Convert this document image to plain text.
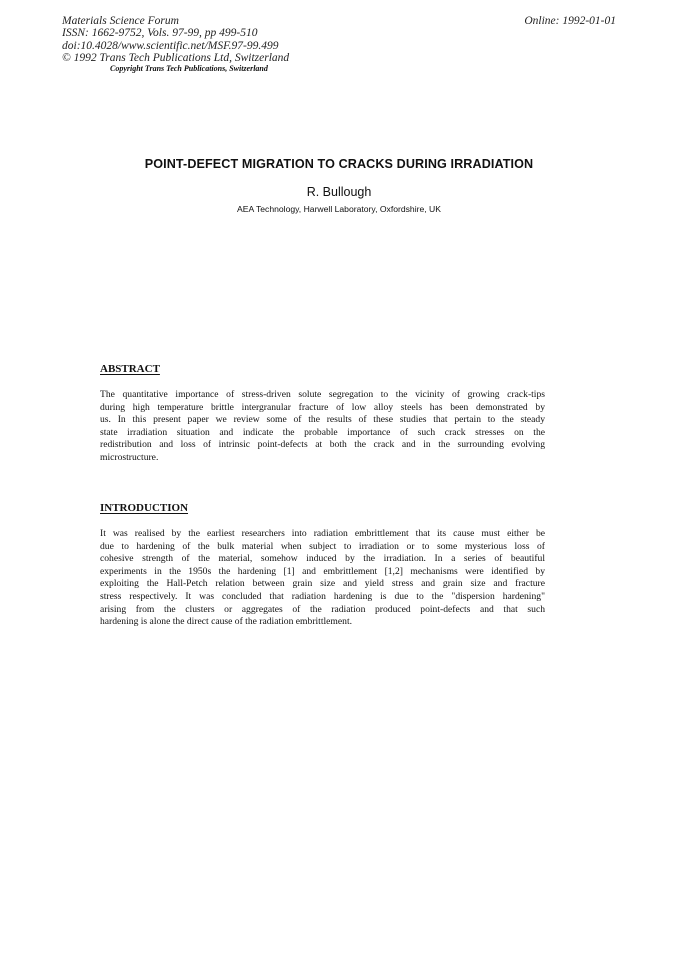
Materials Science Forum
ISSN: 1662-9752, Vols. 97-99, pp 499-510
doi:10.4028/www.scientific.net/MSF.97-99.499
© 1992 Trans Tech Publications Ltd, Switzerland
Online: 1992-01-01
Copyright Trans Tech Publications, Switzerland
POINT-DEFECT MIGRATION TO CRACKS DURING IRRADIATION
R. Bullough
AEA Technology, Harwell Laboratory, Oxfordshire, UK
ABSTRACT
The quantitative importance of stress-driven solute segregation to the vicinity of growing crack-tips
during high temperature brittle intergranular fracture of low alloy steels has been demonstrated by
us. In this present paper we review some of the results of these studies that pertain to the steady
state irradiation situation and indicate the probable importance of such crack stresses on the
redistribution and loss of intrinsic point-defects at both the crack and in the surrounding evolving
microstructure.
INTRODUCTION
It was realised by the earliest researchers into radiation embrittlement that its cause must either be
due to hardening of the bulk material when subject to irradiation or to some mysterious loss of
cohesive strength of the material, somehow induced by the irradiation. In a series of beautiful
experiments in the 1950s the hardening [1] and embrittlement [1,2] mechanisms were identified by
exploiting the Hall-Petch relation between grain size and yield stress and grain size and fracture
stress respectively. It was concluded that radiation hardening is due to the "dispersion hardening"
arising from the clusters or aggregates of the radiation produced point-defects and that such
hardening is alone the direct cause of the radiation embrittlement.
